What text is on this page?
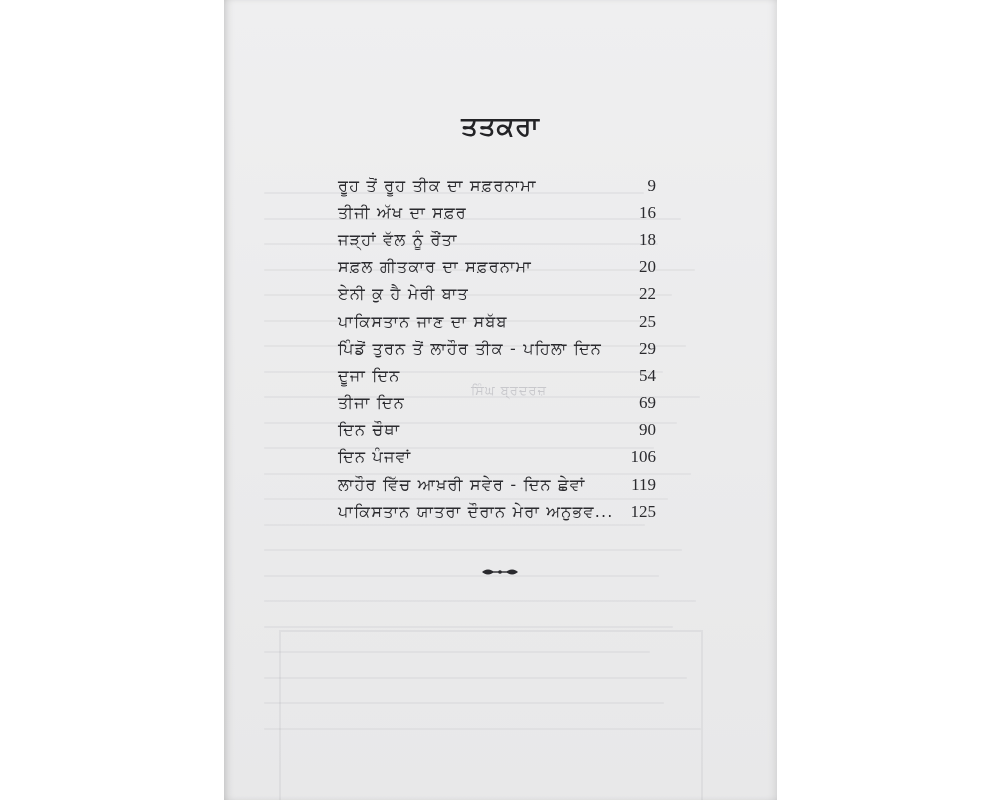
ਤਤਕਰਾ
ਰੂਹ ਤੋਂ ਰੂਹ ਤੀਕ ਦਾ ਸਫ਼ਰਨਾਮਾ	9
ਤੀਜੀ ਅੱਖ ਦਾ ਸਫ਼ਰ	16
ਜੜ੍ਹਾਂ ਵੱਲ ਨੂੰ ਰੌਂਤਾ	18
ਸਫ਼ਲ ਗੀਤਕਾਰ ਦਾ ਸਫ਼ਰਨਾਮਾ	20
ਏਨੀ ਕੁ ਹੈ ਮੇਰੀ ਬਾਤ	22
ਪਾਕਿਸਤਾਨ ਜਾਣ ਦਾ ਸਬੱਬ	25
ਪਿੰਡੋਂ ਤੁਰਨ ਤੋਂ ਲਾਹੌਰ ਤੀਕ - ਪਹਿਲਾ ਦਿਨ	29
ਦੂਜਾ ਦਿਨ	54
ਤੀਜਾ ਦਿਨ	69
ਦਿਨ ਚੌਥਾ	90
ਦਿਨ ਪੰਜਵਾਂ	106
ਲਾਹੌਰ ਵਿੱਚ ਆਖ਼ਰੀ ਸਵੇਰ - ਦਿਨ ਛੇਵਾਂ	119
ਪਾਕਿਸਤਾਨ ਯਾਤਰਾ ਦੌਰਾਨ ਮੇਰਾ ਅਨੁਭਵ... 125
ਸਿੰਘ ਬ੍ਰਦਰਜ਼
